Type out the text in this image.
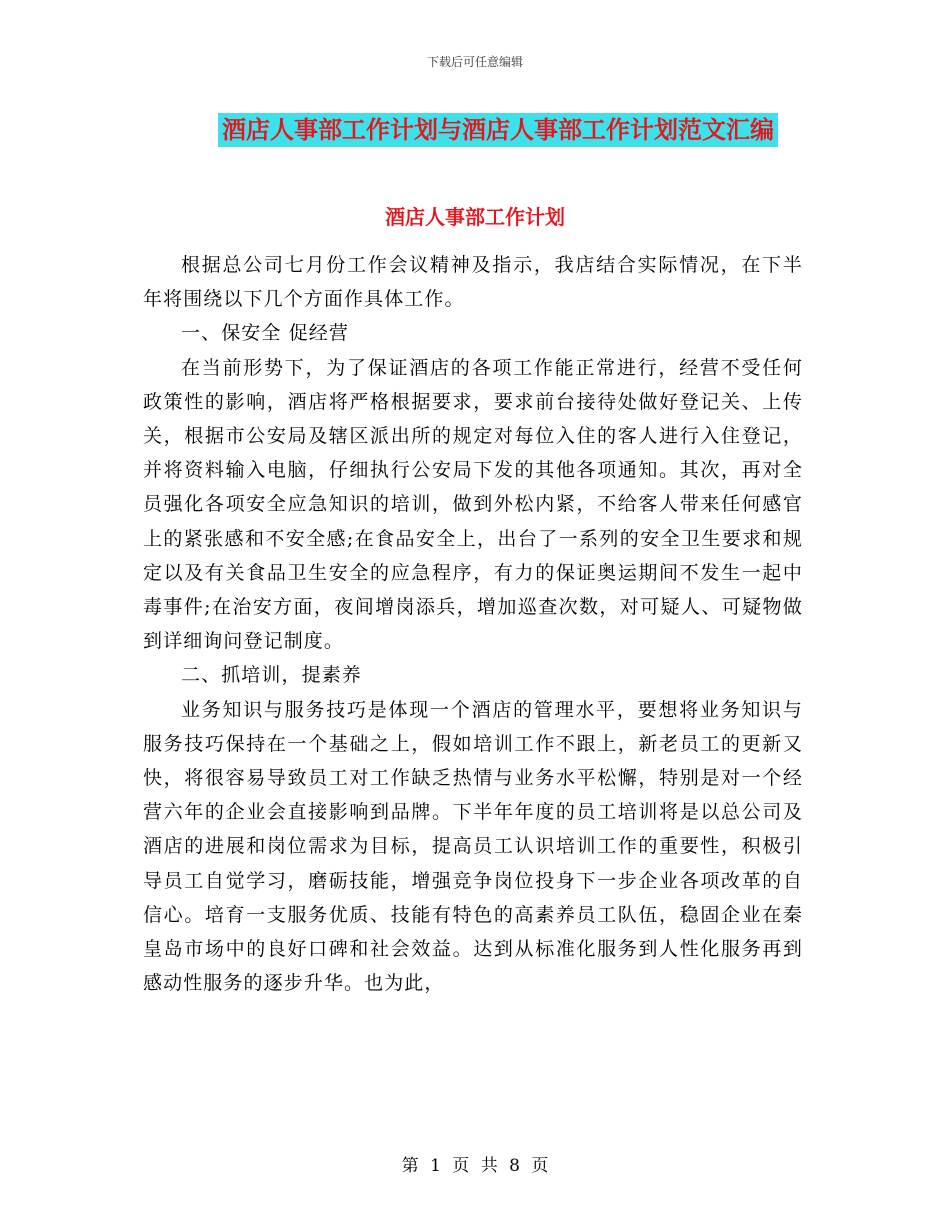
下载后可任意编辑
酒店人事部工作计划与酒店人事部工作计划范文汇编
酒店人事部工作计划

根据总公司七月份工作会议精神及指示，我店结合实际情况，在下半年将围绕以下几个方面作具体工作。

一、保安全 促经营

在当前形势下，为了保证酒店的各项工作能正常进行，经营不受任何政策性的影响，酒店将严格根据要求，要求前台接待处做好登记关、上传关，根据市公安局及辖区派出所的规定对每位入住的客人进行入住登记，并将资料输入电脑，仔细执行公安局下发的其他各项通知。其次，再对全员强化各项安全应急知识的培训，做到外松内紧，不给客人带来任何感官上的紧张感和不安全感;在食品安全上，出台了一系列的安全卫生要求和规定以及有关食品卫生安全的应急程序，有力的保证奥运期间不发生一起中毒事件;在治安方面，夜间增岗添兵，增加巡查次数，对可疑人、可疑物做到详细询问登记制度。

二、抓培训，提素养

业务知识与服务技巧是体现一个酒店的管理水平，要想将业务知识与服务技巧保持在一个基础之上，假如培训工作不跟上，新老员工的更新又快，将很容易导致员工对工作缺乏热情与业务水平松懈，特别是对一个经营六年的企业会直接影响到品牌。下半年年度的员工培训将是以总公司及酒店的进展和岗位需求为目标，提高员工认识培训工作的重要性，积极引导员工自觉学习，磨砺技能，增强竞争岗位投身下一步企业各项改革的自信心。培育一支服务优质、技能有特色的高素养员工队伍，稳固企业在秦皇岛市场中的良好口碑和社会效益。达到从标准化服务到人性化服务再到感动性服务的逐步升华。也为此，

第 1 页 共 8 页
